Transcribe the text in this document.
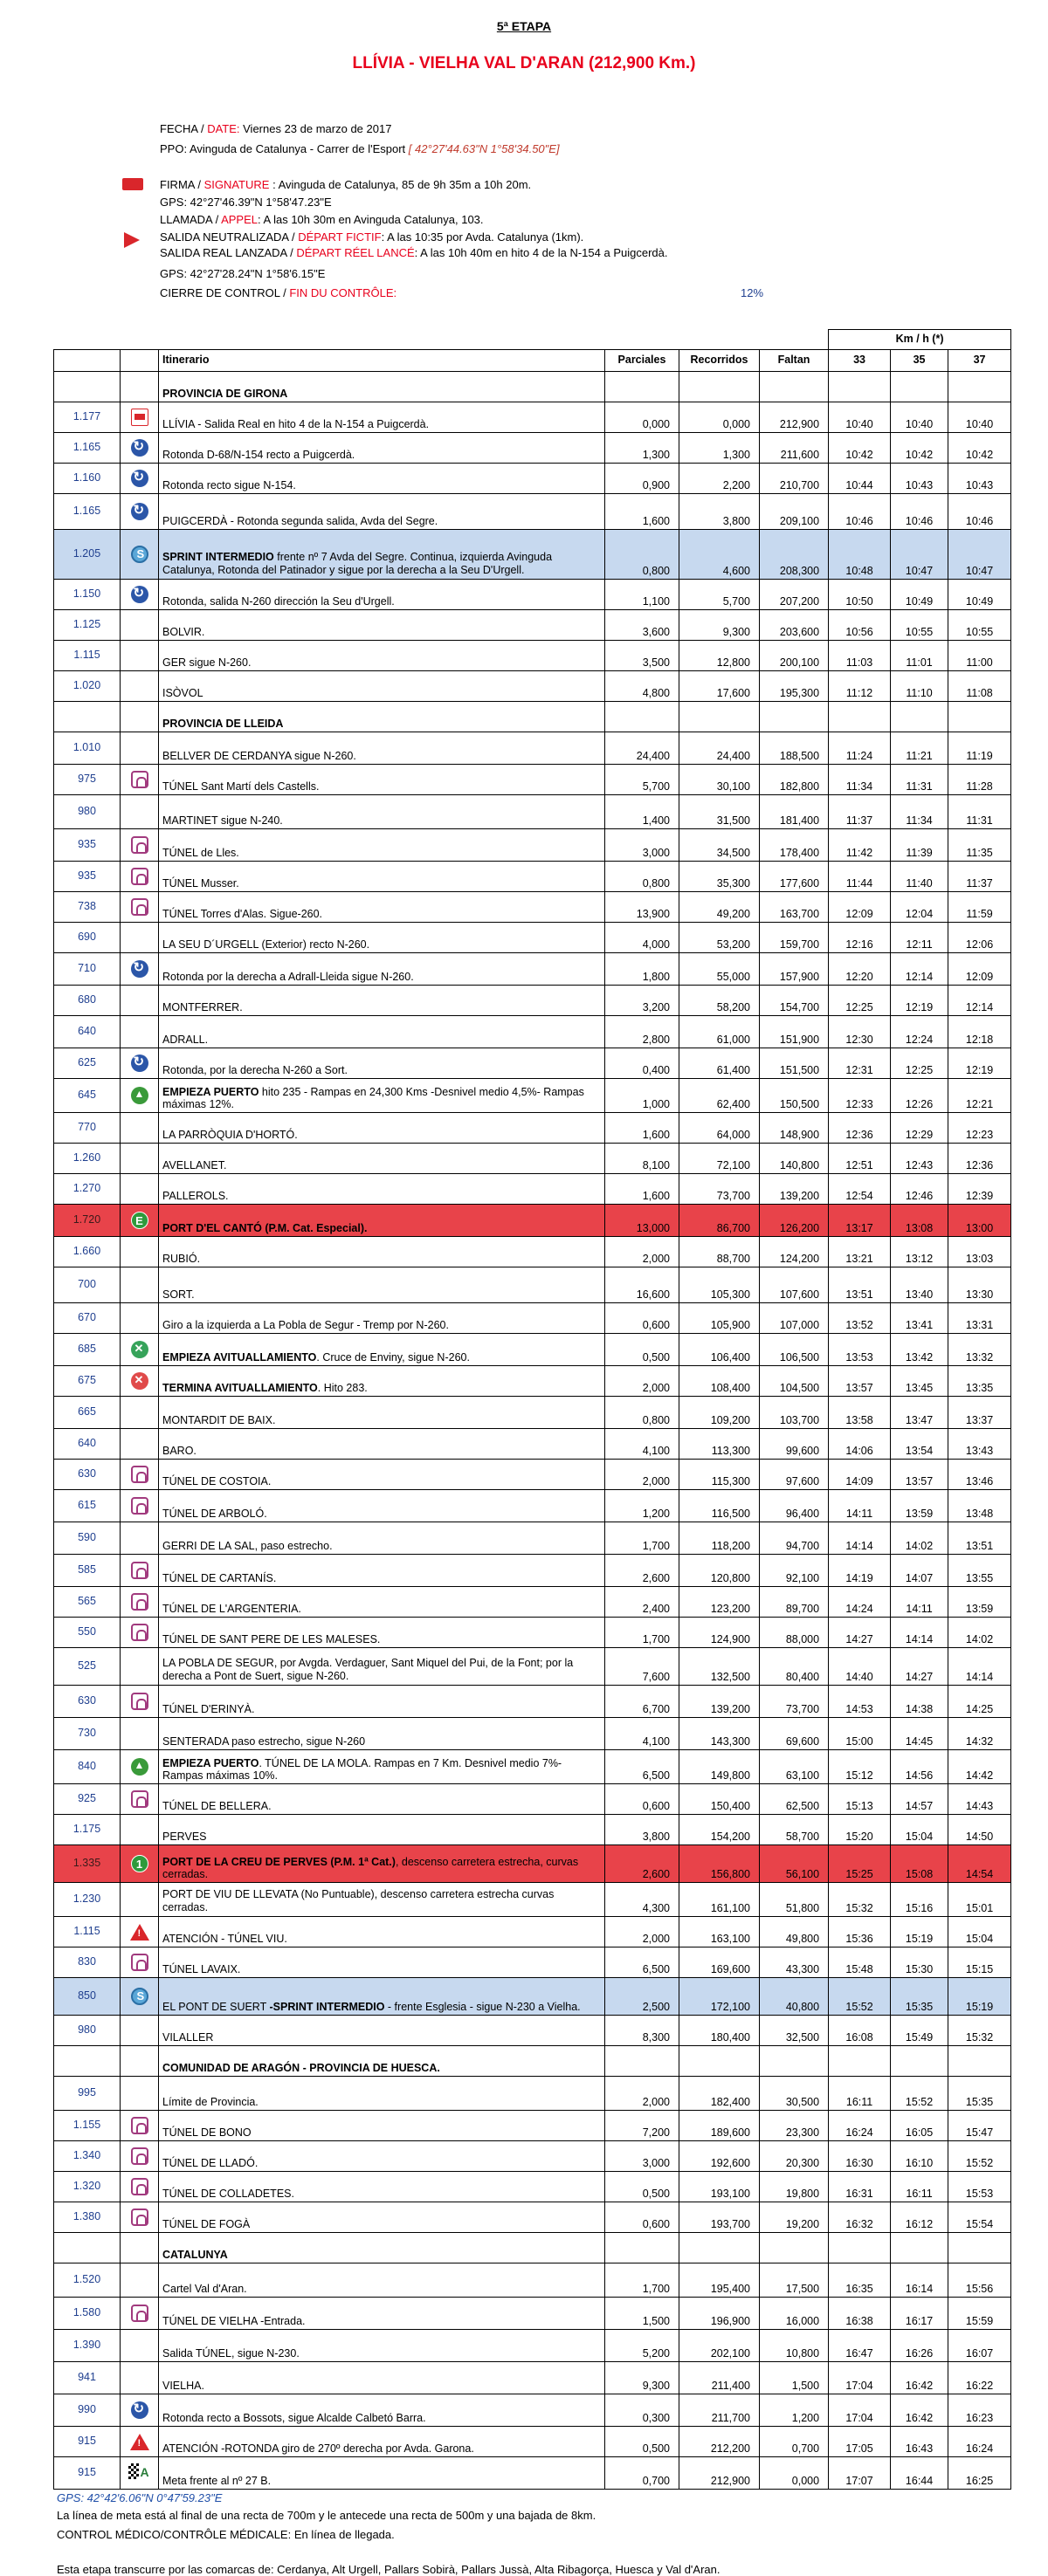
5ª ETAPA
LLÍVIA - VIELHA VAL D'ARAN (212,900 Km.)
FECHA / DATE: Viernes 23 de marzo de 2017
PPO: Avinguda de Catalunya - Carrer de l'Esport [ 42°27'44.63"N 1°58'34.50"E]
FIRMA / SIGNATURE : Avinguda de Catalunya, 85 de 9h 35m a 10h 20m.
GPS: 42°27'46.39"N 1°58'47.23"E
LLAMADA / APPEL: A las 10h 30m en Avinguda Catalunya, 103.
SALIDA NEUTRALIZADA / DÉPART FICTIF: A las 10:35 por Avda. Catalunya (1km).
SALIDA REAL LANZADA / DÉPART RÉEL LANCÉ: A las 10h 40m en hito 4 de la N-154 a Puigcerdà.
GPS: 42°27'28.24"N 1°58'6.15"E
CIERRE DE CONTROL / FIN DU CONTRÔLE:	12%
						Km / h (*)		
		Itinerario	Parciales	Recorridos	Faltan	33	35	37
		PROVINCIA DE GIRONA						
1.177		LLÍVIA - Salida Real en hito 4 de la N-154 a Puigcerdà.	0,000	0,000	212,900	10:40	10:40	10:40
1.165	↻	Rotonda D-68/N-154 recto a Puigcerdà.	1,300	1,300	211,600	10:42	10:42	10:42
1.160	↻	Rotonda recto sigue N-154.	0,900	2,200	210,700	10:44	10:43	10:43
1.165	↻	PUIGCERDÀ - Rotonda segunda salida, Avda del Segre.	1,600	3,800	209,100	10:46	10:46	10:46
1.205	S	SPRINT INTERMEDIO frente nº 7 Avda del Segre. Continua, izquierda Avinguda Catalunya, Rotonda del Patinador y sigue por la derecha a la Seu D'Urgell.	0,800	4,600	208,300	10:48	10:47	10:47
1.150	↻	Rotonda, salida N-260 dirección la Seu d'Urgell.	1,100	5,700	207,200	10:50	10:49	10:49
1.125		BOLVIR.	3,600	9,300	203,600	10:56	10:55	10:55
1.115		GER sigue N-260.	3,500	12,800	200,100	11:03	11:01	11:00
1.020		ISÒVOL	4,800	17,600	195,300	11:12	11:10	11:08
		PROVINCIA DE LLEIDA						
1.010		BELLVER DE CERDANYA sigue N-260.	24,400	24,400	188,500	11:24	11:21	11:19
975		TÚNEL Sant Martí dels Castells.	5,700	30,100	182,800	11:34	11:31	11:28
980		MARTINET sigue N-240.	1,400	31,500	181,400	11:37	11:34	11:31
935		TÚNEL de Lles.	3,000	34,500	178,400	11:42	11:39	11:35
935		TÚNEL Musser.	0,800	35,300	177,600	11:44	11:40	11:37
738		TÚNEL Torres d'Alas. Sigue-260.	13,900	49,200	163,700	12:09	12:04	11:59
690		LA SEU D´URGELL (Exterior) recto N-260.	4,000	53,200	159,700	12:16	12:11	12:06
710	↻	Rotonda por la derecha a Adrall-Lleida sigue N-260.	1,800	55,000	157,900	12:20	12:14	12:09
680		MONTFERRER.	3,200	58,200	154,700	12:25	12:19	12:14
640		ADRALL.	2,800	61,000	151,900	12:30	12:24	12:18
625	↻	Rotonda, por la derecha N-260 a Sort.	0,400	61,400	151,500	12:31	12:25	12:19
645	▲	EMPIEZA PUERTO hito 235 - Rampas en 24,300 Kms -Desnivel medio 4,5%- Rampas máximas 12%.	1,000	62,400	150,500	12:33	12:26	12:21
770		LA PARRÒQUIA D'HORTÓ.	1,600	64,000	148,900	12:36	12:29	12:23
1.260		AVELLANET.	8,100	72,100	140,800	12:51	12:43	12:36
1.270		PALLEROLS.	1,600	73,700	139,200	12:54	12:46	12:39
1.720	E	PORT D'EL CANTÓ (P.M. Cat. Especial).	13,000	86,700	126,200	13:17	13:08	13:00
1.660		RUBIÓ.	2,000	88,700	124,200	13:21	13:12	13:03
700		SORT.	16,600	105,300	107,600	13:51	13:40	13:30
670		Giro a la izquierda a La Pobla de Segur - Tremp por N-260.	0,600	105,900	107,000	13:52	13:41	13:31
685	✕	EMPIEZA AVITUALLAMIENTO. Cruce de Enviny, sigue N-260.	0,500	106,400	106,500	13:53	13:42	13:32
675	✕	TERMINA AVITUALLAMIENTO. Hito 283.	2,000	108,400	104,500	13:57	13:45	13:35
665		MONTARDIT DE BAIX.	0,800	109,200	103,700	13:58	13:47	13:37
640		BARO.	4,100	113,300	99,600	14:06	13:54	13:43
630		TÚNEL DE COSTOIA.	2,000	115,300	97,600	14:09	13:57	13:46
615		TÚNEL DE ARBOLÓ.	1,200	116,500	96,400	14:11	13:59	13:48
590		GERRI DE LA SAL, paso estrecho.	1,700	118,200	94,700	14:14	14:02	13:51
585		TÚNEL DE CARTANÍS.	2,600	120,800	92,100	14:19	14:07	13:55
565		TÚNEL DE L'ARGENTERIA.	2,400	123,200	89,700	14:24	14:11	13:59
550		TÚNEL DE SANT PERE DE LES MALESES.	1,700	124,900	88,000	14:27	14:14	14:02
525		LA POBLA DE SEGUR, por Avgda. Verdaguer, Sant Miquel del Pui, de la Font; por la derecha a Pont de Suert, sigue N-260.	7,600	132,500	80,400	14:40	14:27	14:14
630		TÚNEL D'ERINYÀ.	6,700	139,200	73,700	14:53	14:38	14:25
730		SENTERADA paso estrecho, sigue N-260	4,100	143,300	69,600	15:00	14:45	14:32
840	▲	EMPIEZA PUERTO. TÚNEL DE LA MOLA. Rampas en 7 Km. Desnivel medio 7%- Rampas máximas 10%.	6,500	149,800	63,100	15:12	14:56	14:42
925		TÚNEL DE BELLERA.	0,600	150,400	62,500	15:13	14:57	14:43
1.175		PERVES	3,800	154,200	58,700	15:20	15:04	14:50
1.335	1	PORT DE LA CREU DE PERVES (P.M. 1ª Cat.), descenso carretera estrecha, curvas cerradas.	2,600	156,800	56,100	15:25	15:08	14:54
1.230		PORT DE VIU DE LLEVATA (No Puntuable), descenso carretera estrecha curvas cerradas.	4,300	161,100	51,800	15:32	15:16	15:01
1.115	!	ATENCIÓN - TÚNEL VIU.	2,000	163,100	49,800	15:36	15:19	15:04
830		TÚNEL LAVAIX.	6,500	169,600	43,300	15:48	15:30	15:15
850	S	EL PONT DE SUERT -SPRINT INTERMEDIO - frente Esglesia - sigue N-230 a Vielha.	2,500	172,100	40,800	15:52	15:35	15:19
980		VILALLER	8,300	180,400	32,500	16:08	15:49	15:32
		COMUNIDAD DE ARAGÓN - PROVINCIA DE HUESCA.						
995		Límite de Provincia.	2,000	182,400	30,500	16:11	15:52	15:35
1.155		TÚNEL DE BONO	7,200	189,600	23,300	16:24	16:05	15:47
1.340		TÚNEL DE LLADÓ.	3,000	192,600	20,300	16:30	16:10	15:52
1.320		TÚNEL DE COLLADETES.	0,500	193,100	19,800	16:31	16:11	15:53
1.380		TÚNEL DE FOGÀ	0,600	193,700	19,200	16:32	16:12	15:54
		CATALUNYA						
1.520		Cartel Val d'Aran.	1,700	195,400	17,500	16:35	16:14	15:56
1.580		TÚNEL DE VIELHA -Entrada.	1,500	196,900	16,000	16:38	16:17	15:59
1.390		Salida TÚNEL, sigue N-230.	5,200	202,100	10,800	16:47	16:26	16:07
941		VIELHA.	9,300	211,400	1,500	17:04	16:42	16:22
990	↻	Rotonda recto a Bossots, sigue Alcalde Calbetó Barra.	0,300	211,700	1,200	17:04	16:42	16:23
915	!	ATENCIÓN -ROTONDA giro de 270º derecha por Avda. Garona.	0,500	212,200	0,700	17:05	16:43	16:24
915	A	Meta frente al nº 27 B.	0,700	212,900	0,000	17:07	16:44	16:25
GPS: 42°42'6.06"N 0°47'59.23"E
La línea de meta está al final de una recta de 700m y le antecede una recta de 500m y una bajada de 8km.
CONTROL MÉDICO/CONTRÔLE MÉDICALE: En línea de llegada.
Esta etapa transcurre por las comarcas de: Cerdanya, Alt Urgell, Pallars Sobirà, Pallars Jussà, Alta Ribagorça, Huesca y Val d'Aran.
